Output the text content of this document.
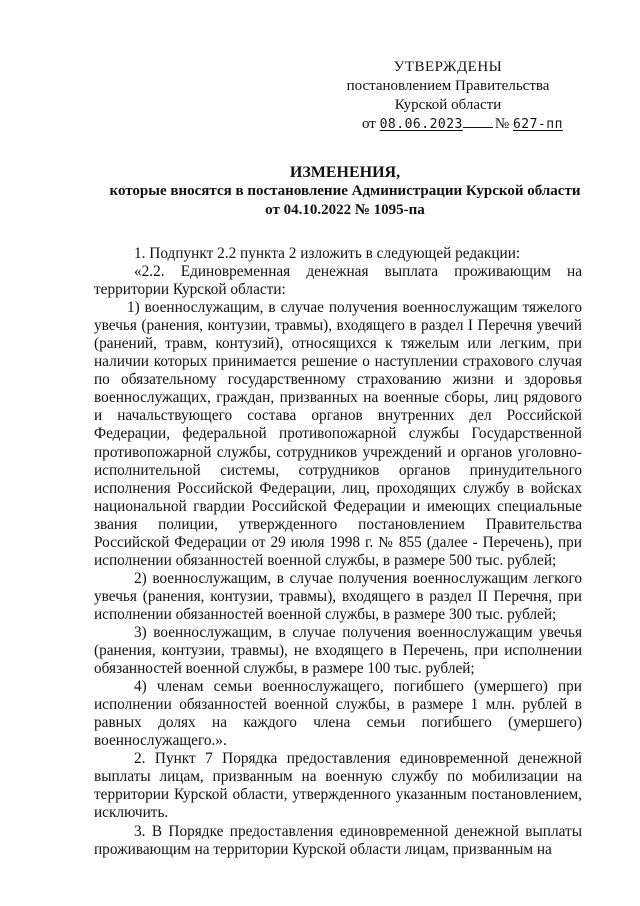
УТВЕРЖДЕНЫ
постановлением Правительства
Курской области
от 08.06.2023 № 627-пп
ИЗМЕНЕНИЯ,
которые вносятся в постановление Администрации Курской области
от 04.10.2022 № 1095-па

1. Подпункт 2.2 пункта 2 изложить в следующей редакции:

«2.2. Единовременная денежная выплата проживающим на территории Курской области:

1) военнослужащим, в случае получения военнослужащим тяжелого увечья (ранения, контузии, травмы), входящего в раздел I Перечня увечий (ранений, травм, контузий), относящихся к тяжелым или легким, при наличии которых принимается решение о наступлении страхового случая по обязательному государственному страхованию жизни и здоровья военнослужащих, граждан, призванных на военные сборы, лиц рядового и начальствующего состава органов внутренних дел Российской Федерации, федеральной противопожарной службы Государственной противопожарной службы, сотрудников учреждений и органов уголовно-исполнительной системы, сотрудников органов принудительного исполнения Российской Федерации, лиц, проходящих службу в войсках национальной гвардии Российской Федерации и имеющих специальные звания полиции, утвержденного постановлением Правительства Российской Федерации от 29 июля 1998 г. № 855 (далее - Перечень), при исполнении обязанностей военной службы, в размере 500 тыс. рублей;

2) военнослужащим, в случае получения военнослужащим легкого увечья (ранения, контузии, травмы), входящего в раздел II Перечня, при исполнении обязанностей военной службы, в размере 300 тыс. рублей;

3) военнослужащим, в случае получения военнослужащим увечья (ранения, контузии, травмы), не входящего в Перечень, при исполнении обязанностей военной службы, в размере 100 тыс. рублей;

4) членам семьи военнослужащего, погибшего (умершего) при исполнении обязанностей военной службы, в размере 1 млн. рублей в равных долях на каждого члена семьи погибшего (умершего) военнослужащего.».

2. Пункт 7 Порядка предоставления единовременной денежной выплаты лицам, призванным на военную службу по мобилизации на территории Курской области, утвержденного указанным постановлением, исключить.

3. В Порядке предоставления единовременной денежной выплаты проживающим на территории Курской области лицам, призванным на
